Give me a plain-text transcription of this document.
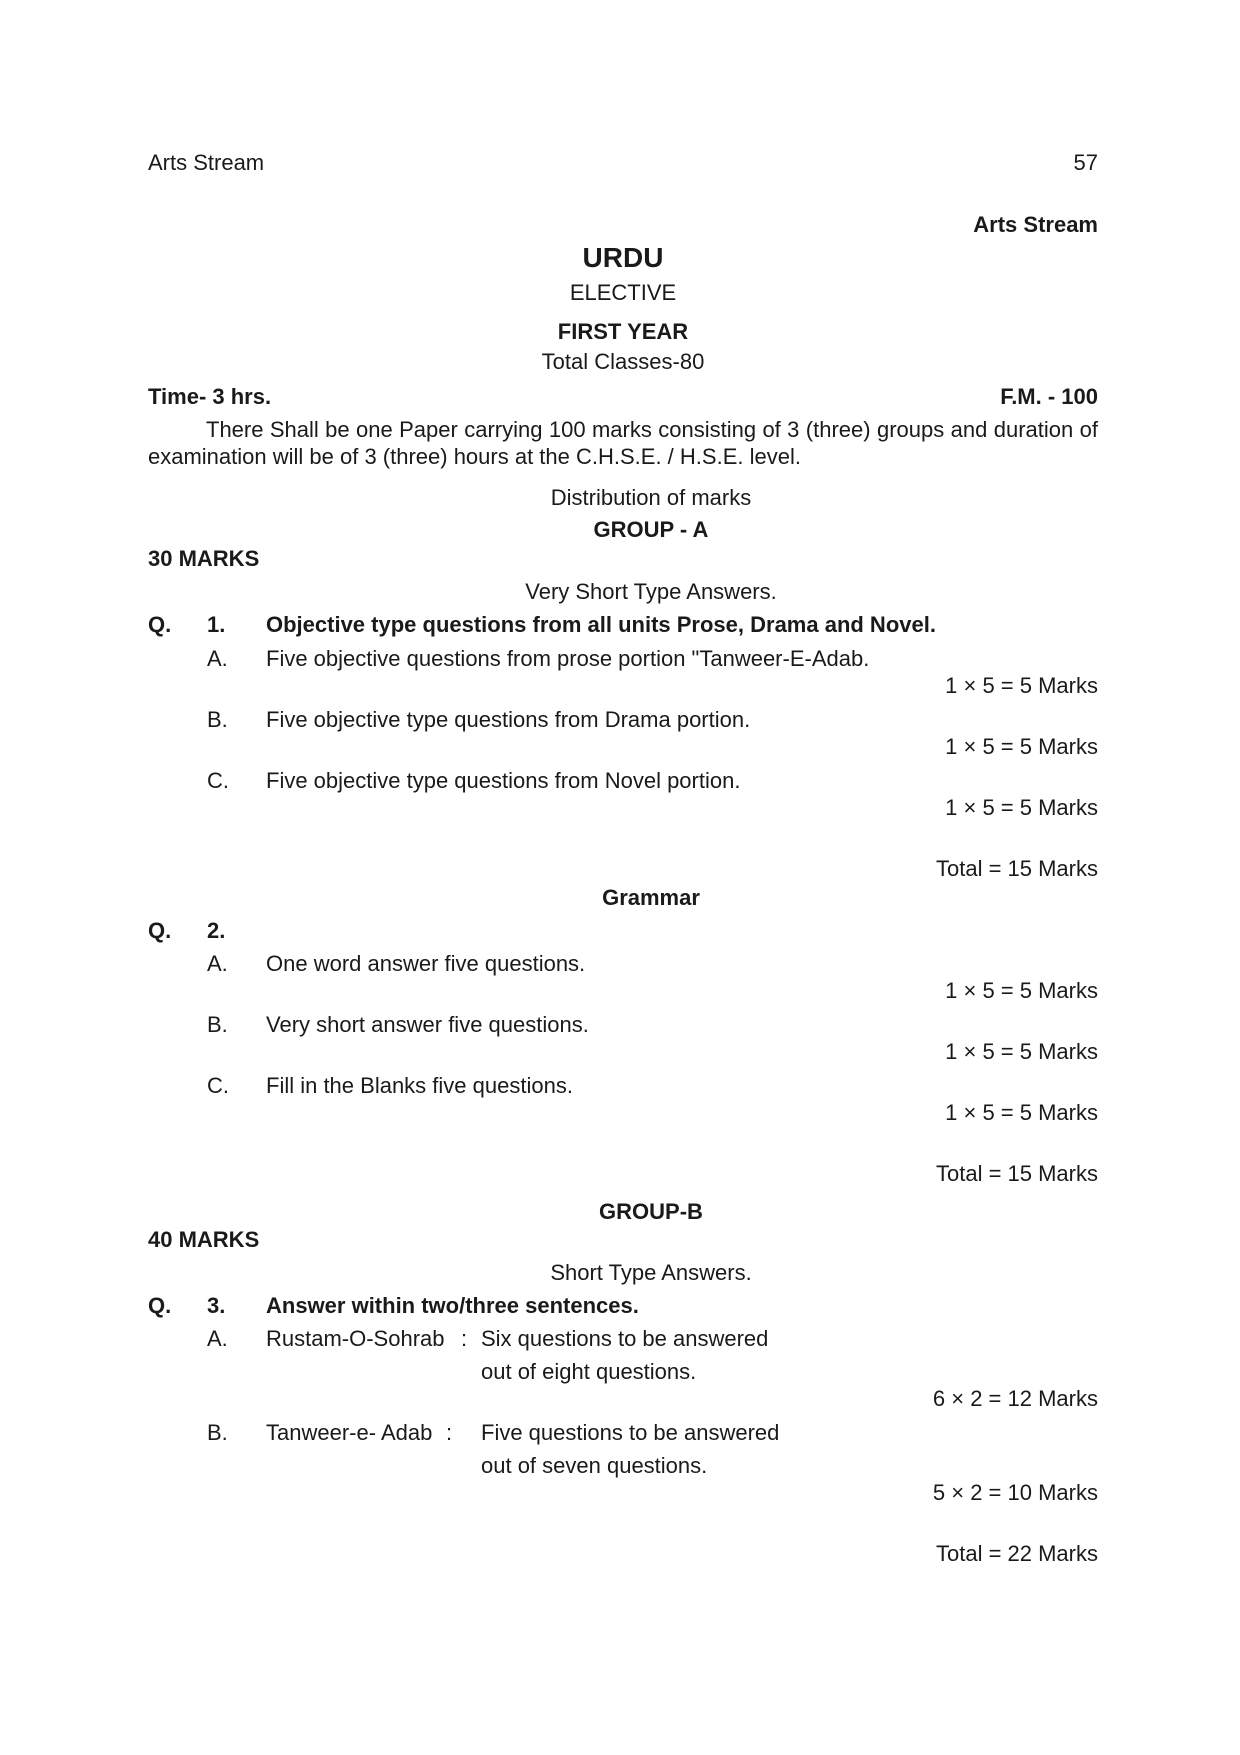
Arts Stream	57
Arts Stream
URDU
ELECTIVE
FIRST YEAR
Total Classes-80
Time- 3 hrs.	F.M. - 100
There Shall be one Paper carrying 100 marks consisting of 3 (three) groups and duration of examination will be of 3 (three) hours at the C.H.S.E. / H.S.E. level.
Distribution of marks
GROUP - A
30 MARKS
Very Short Type Answers.
Q. 1. Objective type questions from all units Prose, Drama and Novel.
A. Five objective questions from prose portion "Tanweer-E-Adab.
1 × 5 = 5 Marks
B. Five objective type questions from Drama portion.
1 × 5 = 5 Marks
C. Five objective type questions from Novel portion.
1 × 5 = 5 Marks
Total = 15 Marks
Grammar
Q. 2.
A. One word answer five questions.
1 × 5 = 5 Marks
B. Very short answer five questions.
1 × 5 = 5 Marks
C. Fill in the Blanks five questions.
1 × 5 = 5 Marks
Total = 15 Marks
GROUP-B
40 MARKS
Short Type Answers.
Q. 3. Answer within two/three sentences.
A. Rustam-O-Sohrab : Six questions to be answered
out of eight questions.
6 × 2 = 12 Marks
B. Tanweer-e- Adab : Five questions to be answered
out of seven questions.
5 × 2 = 10 Marks
Total = 22 Marks
